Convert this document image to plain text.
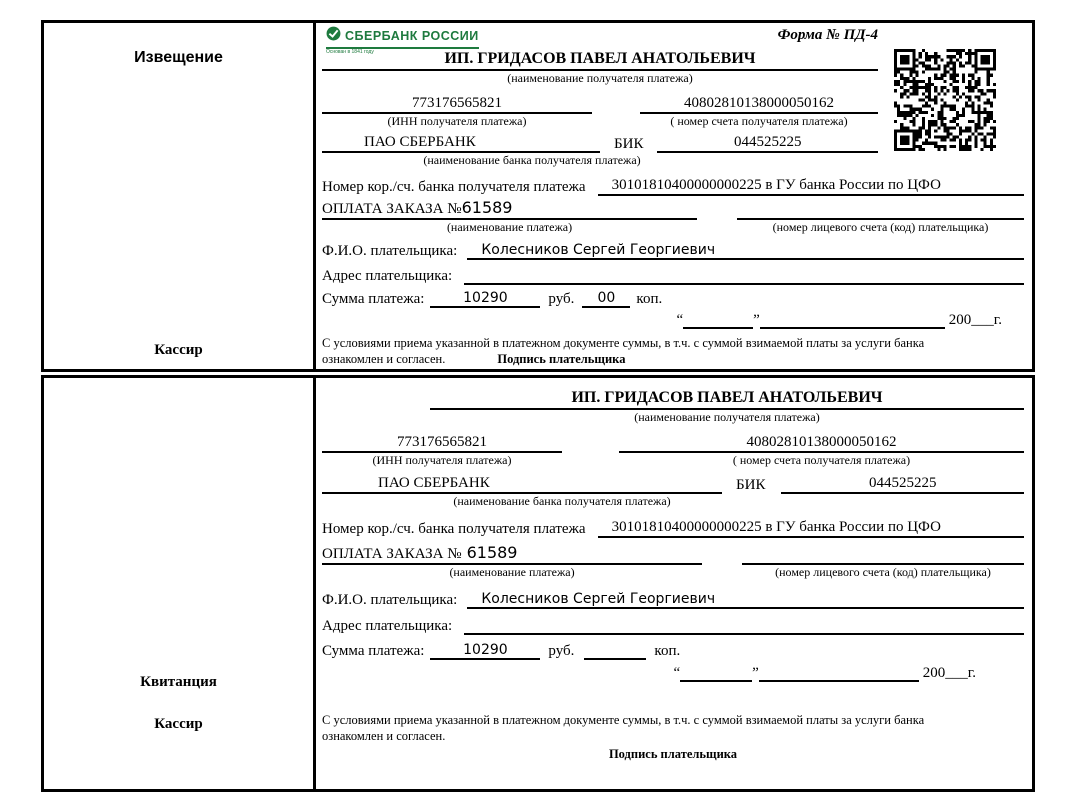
Извещение
Кассир
СБЕРБАНК РОССИИ
Основан в 1841 году
Форма № ПД-4
ИП. ГРИДАСОВ ПАВЕЛ АНАТОЛЬЕВИЧ
(наименование получателя платежа)
773176565821	40802810138000050162
(ИНН получателя платежа)	( номер счета получателя платежа)
ПАО СБЕРБАНК	БИК	044525225
(наименование банка получателя платежа)
Номер кор./сч. банка получателя платежа	30101810400000000225 в ГУ банка России по ЦФО
ОПЛАТА ЗАКАЗА №61589
(наименование платежа)	(номер лицевого счета (код) плательщика)
Ф.И.О. плательщика:	Колесников Сергей Георгиевич
Адрес плательщика:
Сумма платежа:	10290	руб.	00	коп.
“	”	200___г.
С условиями приема указанной в платежном документе суммы, в т.ч. с суммой взимаемой платы за услуги банка
ознакомлен и согласен.	Подпись плательщика
Квитанция
Кассир
ИП. ГРИДАСОВ ПАВЕЛ АНАТОЛЬЕВИЧ
(наименование получателя платежа)
773176565821	40802810138000050162
(ИНН получателя платежа)	( номер счета получателя платежа)
ПАО СБЕРБАНК	БИК	044525225
(наименование банка получателя платежа)
Номер кор./сч. банка получателя платежа	30101810400000000225 в ГУ банка России по ЦФО
ОПЛАТА ЗАКАЗА № 61589
(наименование платежа)	(номер лицевого счета (код) плательщика)
Ф.И.О. плательщика:	Колесников Сергей Георгиевич
Адрес плательщика:
Сумма платежа:	10290	руб.	коп.
“	”	200___г.
С условиями приема указанной в платежном документе суммы, в т.ч. с суммой взимаемой платы за услуги банка
ознакомлен и согласен.
Подпись плательщика
